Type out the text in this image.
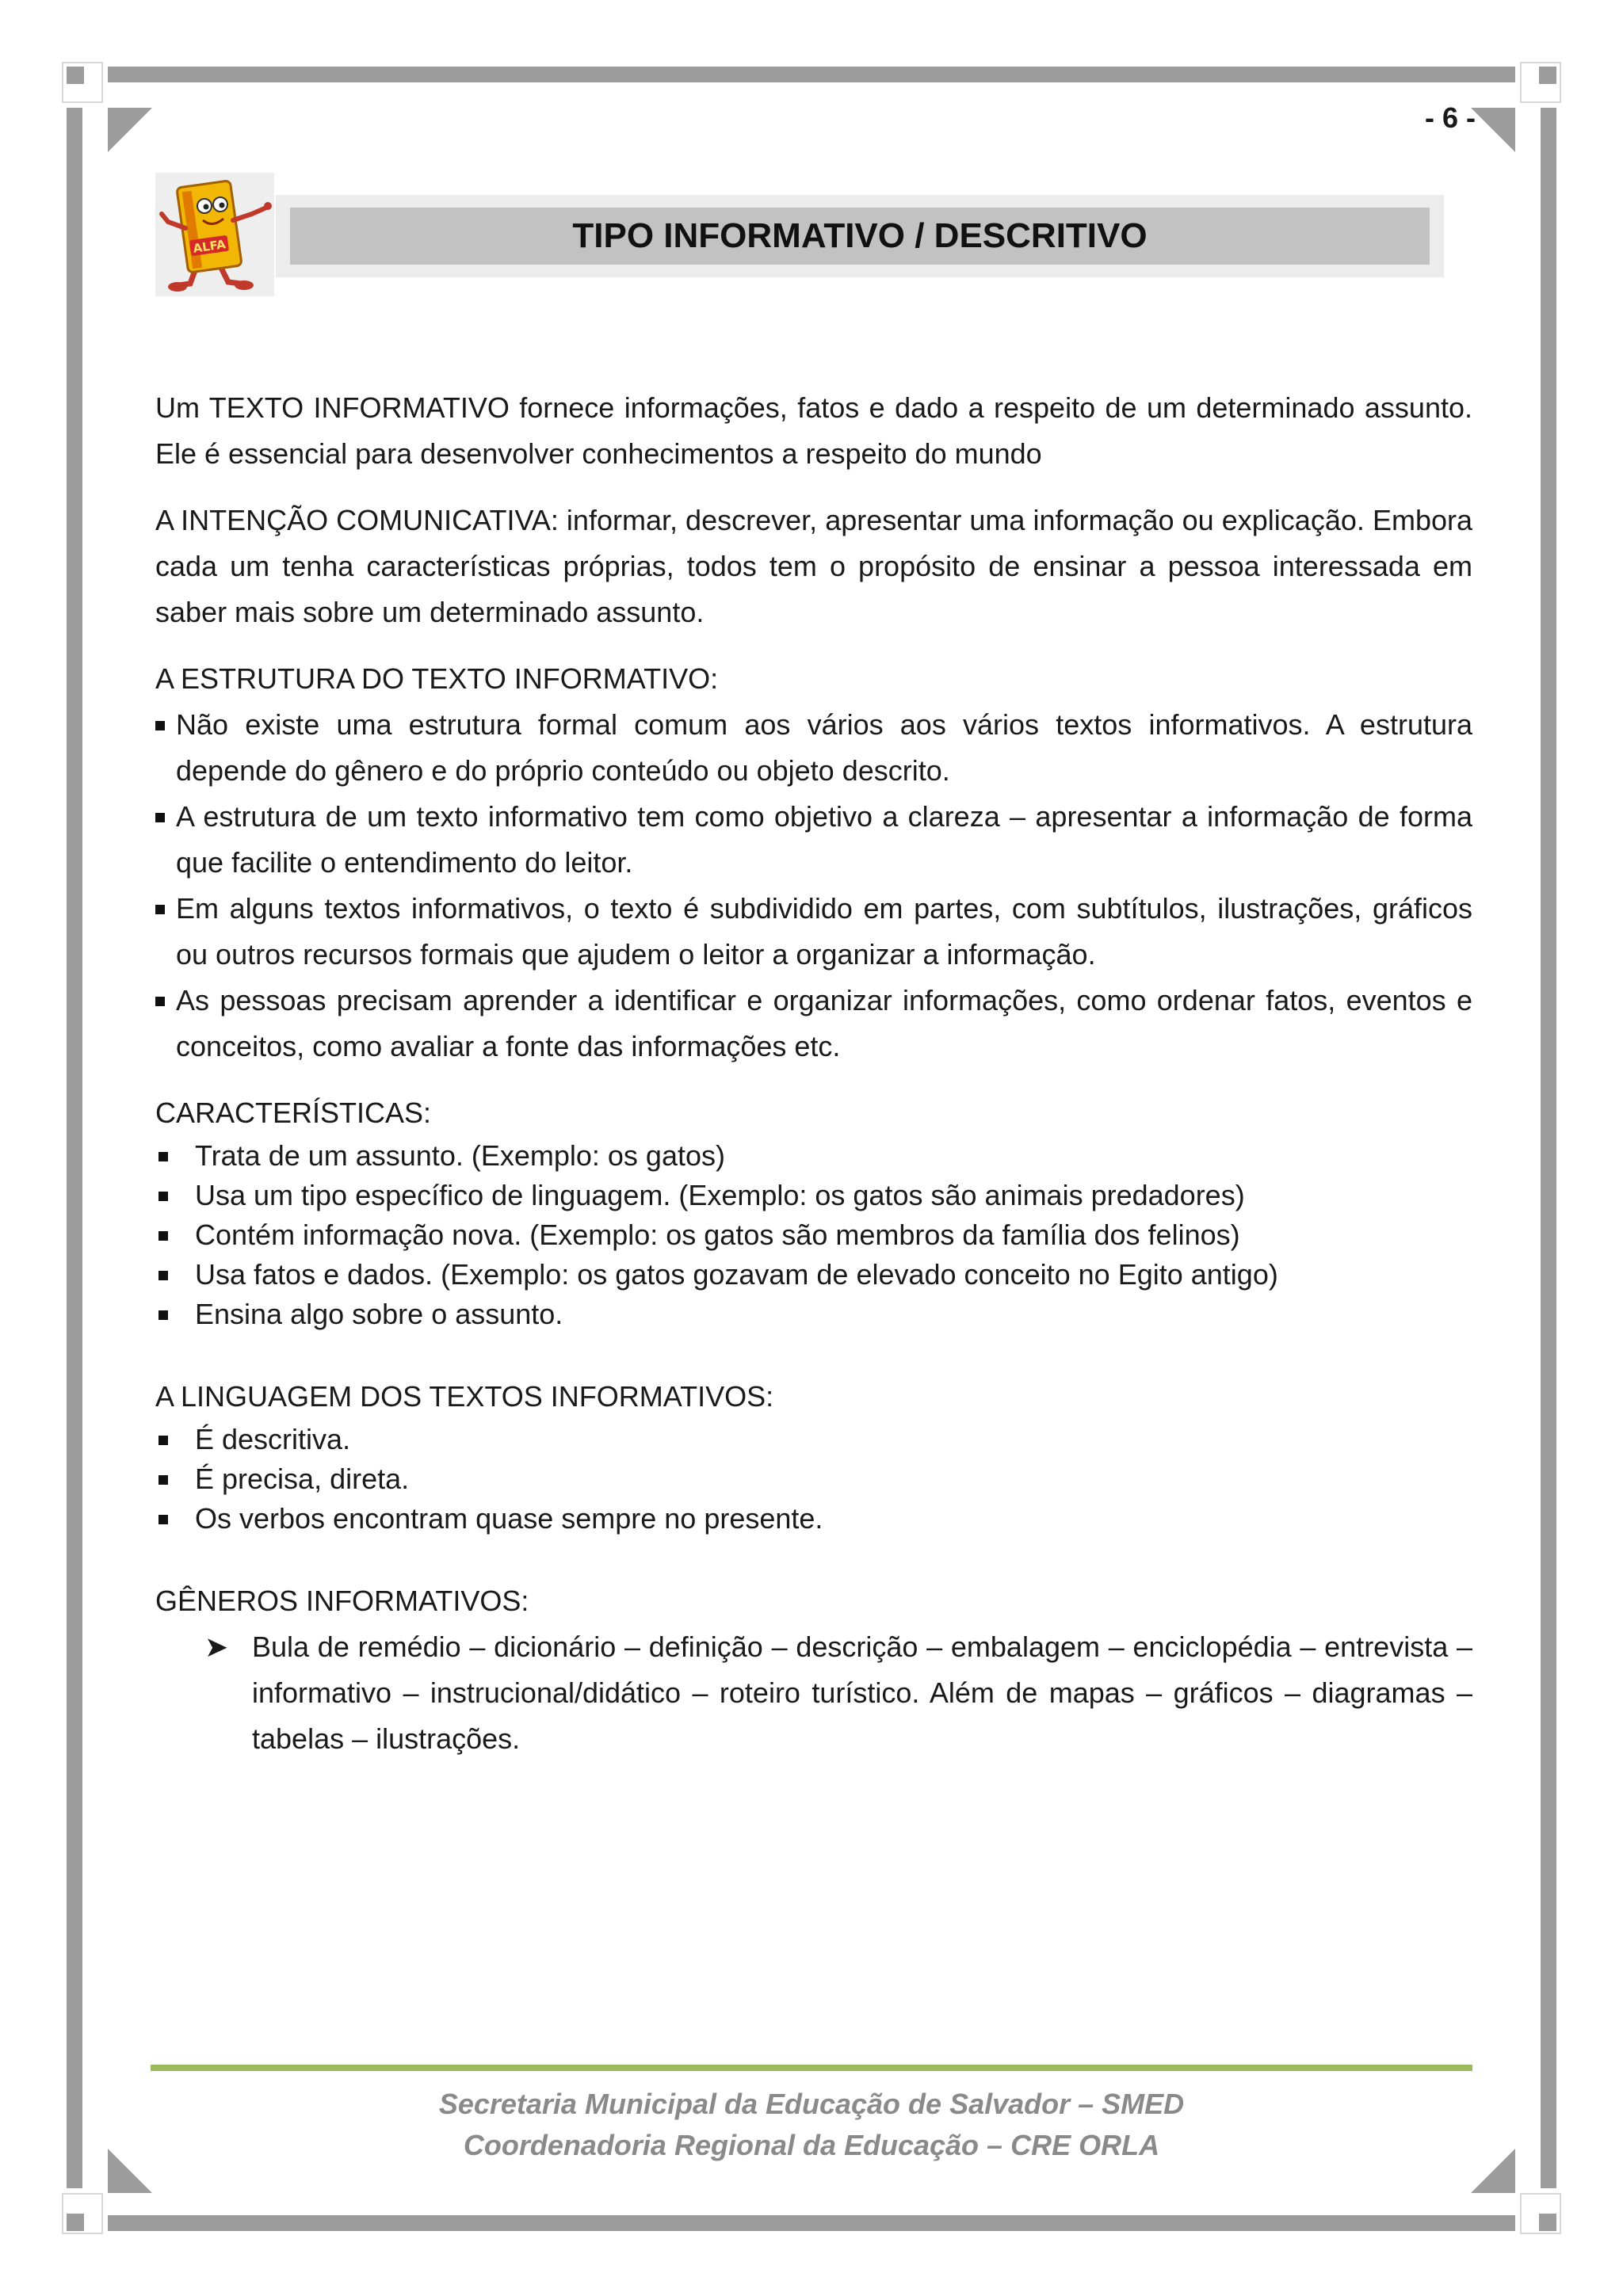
- 6 -
ALFA	TIPO INFORMATIVO / DESCRITIVO

Um TEXTO INFORMATIVO fornece informações, fatos e dado a respeito de um determinado assunto. Ele é essencial para desenvolver conhecimentos a respeito do mundo

A INTENÇÃO COMUNICATIVA: informar, descrever, apresentar uma informação ou explicação. Embora cada um tenha características próprias, todos tem o propósito de ensinar a pessoa interessada em saber mais sobre um determinado assunto.

A ESTRUTURA DO TEXTO INFORMATIVO:
Não existe uma estrutura formal comum aos vários aos vários textos informativos. A estrutura depende do gênero e do próprio conteúdo ou objeto descrito.
A estrutura de um texto informativo tem como objetivo a clareza – apresentar a informação de forma que facilite o entendimento do leitor.
Em alguns textos informativos, o texto é subdividido em partes, com subtítulos, ilustrações, gráficos ou outros recursos formais que ajudem o leitor a organizar a informação.
As pessoas precisam aprender a identificar e organizar informações, como ordenar fatos, eventos e conceitos, como avaliar a fonte das informações etc.
CARACTERÍSTICAS:
Trata de um assunto. (Exemplo: os gatos)
Usa um tipo específico de linguagem. (Exemplo: os gatos são animais predadores)
Contém informação nova. (Exemplo: os gatos são membros da família dos felinos)
Usa fatos e dados. (Exemplo: os gatos gozavam de elevado conceito no Egito antigo)
Ensina algo sobre o assunto.
A LINGUAGEM DOS TEXTOS INFORMATIVOS:
É descritiva.
É precisa, direta.
Os verbos encontram quase sempre no presente.
GÊNEROS INFORMATIVOS:
➤ Bula de remédio – dicionário – definição – descrição – embalagem – enciclopédia – entrevista – informativo – instrucional/didático – roteiro turístico. Além de mapas – gráficos – diagramas – tabelas – ilustrações.
Secretaria Municipal da Educação de Salvador – SMED
Coordenadoria Regional da Educação – CRE ORLA
